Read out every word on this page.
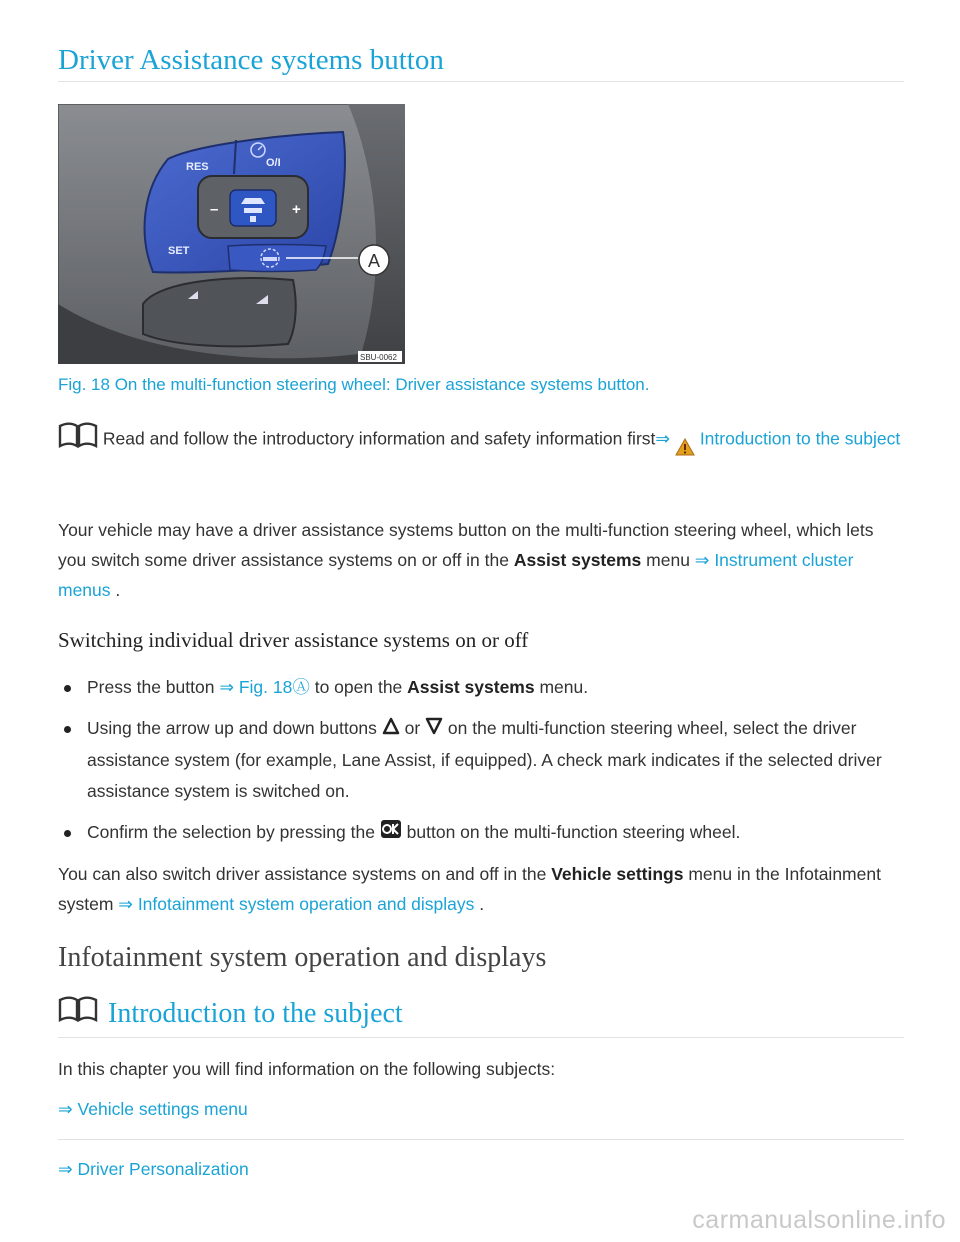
Driver Assistance systems button
O/I
RES
SET
–	+
A
SBU-0062
Fig. 18 On the multi-function steering wheel: Driver assistance systems button.

Read and follow the introductory information and safety information first⇒ Introduction to the subject

Your vehicle may have a driver assistance systems button on the multi-function steering wheel, which lets you switch some driver assistance systems on or off in the Assist systems menu ⇒ Instrument cluster menus .

Switching individual driver assistance systems on or off
Press the button ⇒ Fig. 18Ⓐ to open the Assist systems menu.
Using the arrow up and down buttons  or  on the multi-function steering wheel, select the driver assistance system (for example, Lane Assist, if equipped). A check mark indicates if the selected driver assistance system is switched on.
Confirm the selection by pressing the  button on the multi-function steering wheel.

You can also switch driver assistance systems on and off in the Vehicle settings menu in the Infotainment system ⇒ Infotainment system operation and displays .

Infotainment system operation and displays
Introduction to the subject

In this chapter you will find information on the following subjects:

⇒ Vehicle settings menu

⇒ Driver Personalization

carmanualsonline.info
